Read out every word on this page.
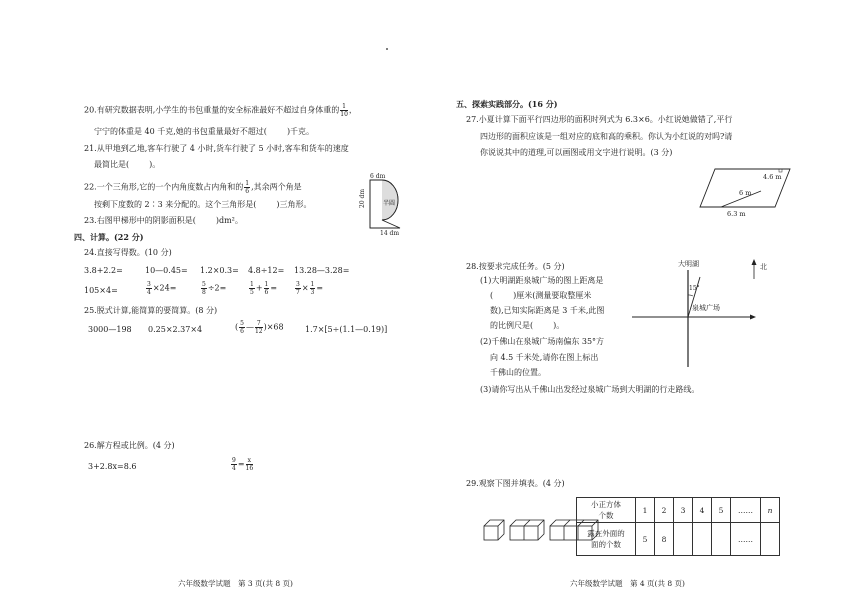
20.有研究数据表明,小学生的书包重量的安全标准最好不超过自身体重的 $\frac{1}{10}$ ，
宁宁的体重是 40 千克,她的书包重量最好不超过(	)千克。
21.从甲地到乙地,客车行驶了 4 小时,货车行驶了 5 小时,客车和货车的速度
最简比是(	)。
22.一个三角形,它的一个内角度数占内角和的 $\frac{1}{6}$ ,其余两个角是
按剩下度数的 2∶3 来分配的。这个三角形是(	)三角形。
23.右图甲梯形中的阴影面积是(	)dm²。
6 dm
20 dm
14 dm
半圆
四、计算。(22 分)
24.直接写得数。(10 分)
3.8+2.2=	10—0.45= 1.2×0.3= 4.8÷12= 13.28—3.28=
105×4=	$\frac{3}{4} \times 24=$	$\frac{5}{8} \div 2=$	$\frac{1}{5} + \frac{1}{6}$ =	$\frac{3}{7} \times \frac{1}{3}$ =
25.脱式计算,能简算的要简算。(8 分)
3000—198 0.25×2.37×4	( $\frac{5}{6}$ — $\frac{7}{12} )\times 68$	1.7×[5÷(1.1—0.19)]
26.解方程或比例。(4 分)
3+2.8x=8.6	$\frac{9}{4} = \frac{x}{16}$
六年级数学试题　第 3 页(共 8 页)
五、探索实践部分。(16 分)
27.小夏计算下面平行四边形的面积时列式为 6.3×6。小红说她做错了,平行
四边形的面积应该是一组对应的底和高的乘积。你认为小红说的对吗?请
你说说其中的道理,可以画图或用文字进行说明。(3 分)
4.6 m
6 m
6.3 m
28.按要求完成任务。(5 分)
(1)大明湖距泉城广场的图上距离是
(	)厘米(测量要取整厘米
数),已知实际距离是 3 千米,此图
的比例尺是(	)。
(2)千佛山在泉城广场南偏东 35°方
向 4.5 千米处,请你在图上标出
千佛山的位置。
(3)请你写出从千佛山出发经过泉城广场到大明湖的行走路线。
大明湖	北
泉城广场
15°
29.观察下图并填表。(4 分)
六年级数学试题　第 4 页(共 8 页)
小正方体
个数	1	2	3	4	5	……	n

露在外面的
面的个数	5	8				……	
